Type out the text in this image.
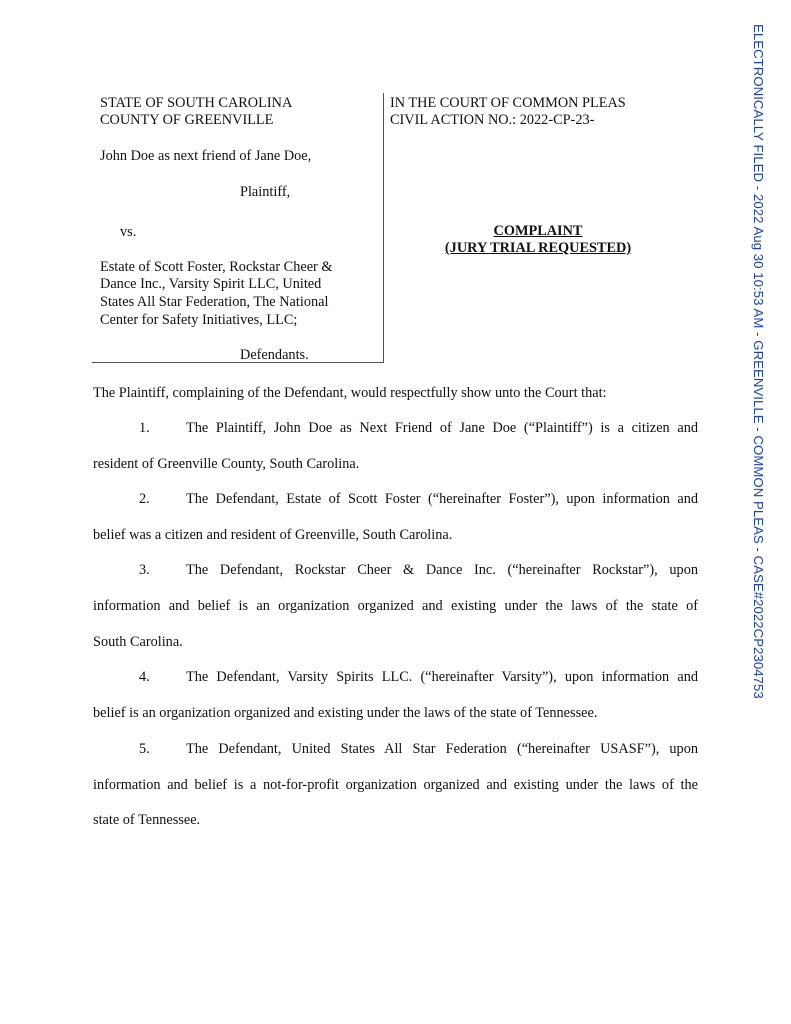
STATE OF SOUTH CAROLINA
COUNTY OF GREENVILLE
John Doe as next friend of Jane Doe,
Plaintiff,
vs.
Estate of Scott Foster, Rockstar Cheer &
Dance Inc., Varsity Spirit LLC, United
States All Star Federation, The National
Center for Safety Initiatives, LLC;
Defendants.
IN THE COURT OF COMMON PLEAS
CIVIL ACTION NO.: 2022-CP-23-
COMPLAINT
(JURY TRIAL REQUESTED)
The Plaintiff, complaining of the Defendant, would respectfully show unto the Court that:
1.	The Plaintiff, John Doe as Next Friend of Jane Doe (“Plaintiff”) is a citizen and
resident of Greenville County, South Carolina.
2.	The Defendant, Estate of Scott Foster (“hereinafter Foster”), upon information and
belief was a citizen and resident of Greenville, South Carolina.
3.	The Defendant, Rockstar Cheer & Dance Inc. (“hereinafter Rockstar”), upon
information and belief is an organization organized and existing under the laws of the state of
South Carolina.
4.	The Defendant, Varsity Spirits LLC. (“hereinafter Varsity”), upon information and
belief is an organization organized and existing under the laws of the state of Tennessee.
5.	The Defendant, United States All Star Federation (“hereinafter USASF”), upon
information and belief is a not-for-profit organization organized and existing under the laws of the
state of Tennessee.
ELECTRONICALLY FILED - 2022 Aug 30 10:53 AM - GREENVILLE - COMMON PLEAS - CASE#2022CP2304753
